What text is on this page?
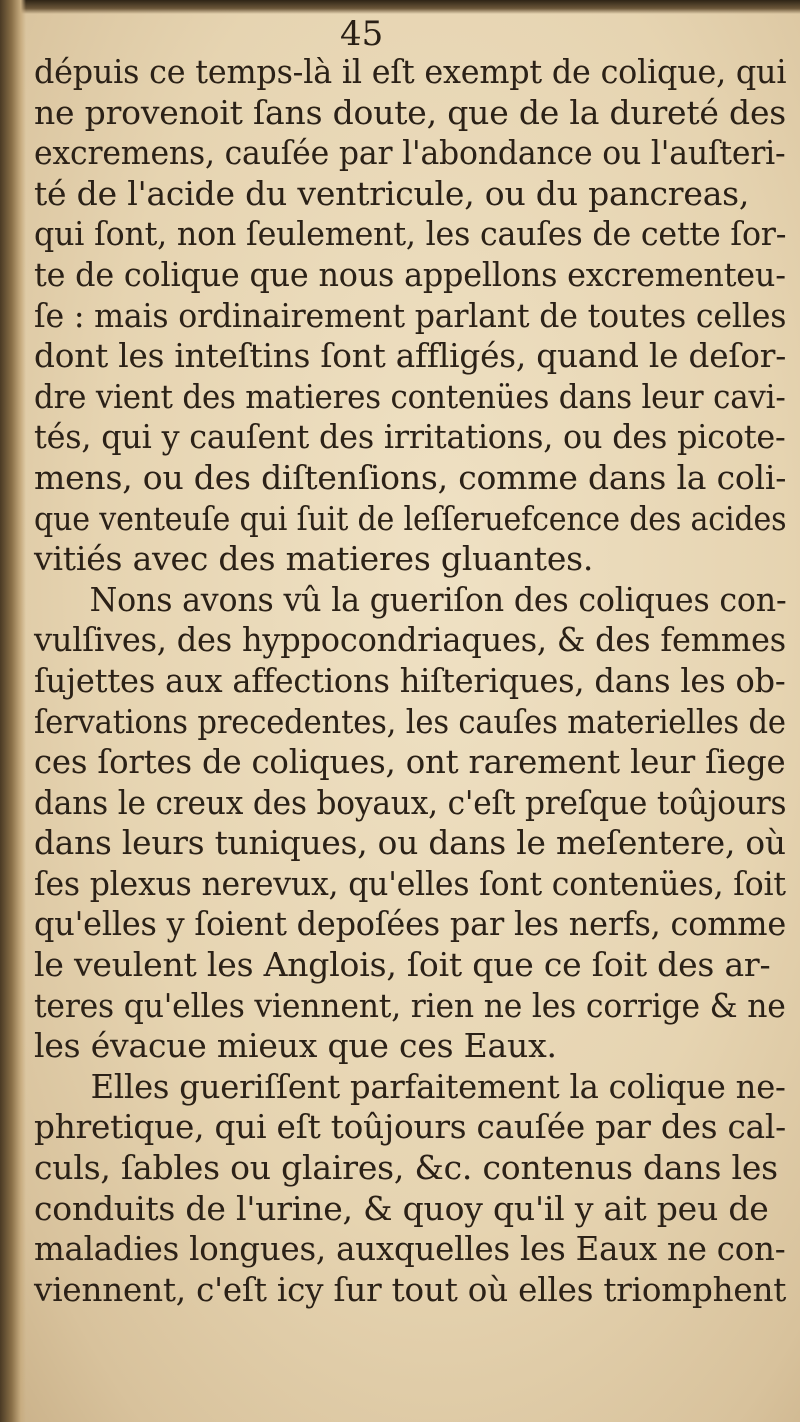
45
dépuis ce temps-là il eſt exempt de colique, qui
ne provenoit ſans doute, que de la dureté des
excremens, cauſée par l'abondance ou l'auſteri-
té de l'acide du ventricule, ou du pancreas,
qui ſont, non ſeulement, les cauſes de cette ſor-
te de colique que nous appellons excrementeu-
ſe : mais ordinairement parlant de toutes celles
dont les inteſtins ſont affligés, quand le deſor-
dre vient des matieres contenües dans leur cavi-
tés, qui y cauſent des irritations, ou des picote-
mens, ou des diſtenſions, comme dans la coli-
que venteuſe qui ſuit de leſſeruefcence des acides
vitiés avec des matieres gluantes.
Nons avons vû la gueriſon des coliques con-
vulſives, des hyppocondriaques, & des femmes
ſujettes aux affections hiſteriques, dans les ob-
ſervations precedentes, les cauſes materielles de
ces ſortes de coliques, ont rarement leur ſiege
dans le creux des boyaux, c'eſt preſque toûjours
dans leurs tuniques, ou dans le meſentere, où
ſes plexus nerevux, qu'elles ſont contenües, ſoit
qu'elles y ſoient depoſées par les nerfs, comme
le veulent les Anglois, ſoit que ce ſoit des ar-
teres qu'elles viennent, rien ne les corrige & ne
les évacue mieux que ces Eaux.
Elles gueriſſent parfaitement la colique ne-
phretique, qui eſt toûjours cauſée par des cal-
culs, ſables ou glaires, &c. contenus dans les
conduits de l'urine, & quoy qu'il y ait peu de
maladies longues, auxquelles les Eaux ne con-
viennent, c'eſt icy ſur tout où elles triomphent
